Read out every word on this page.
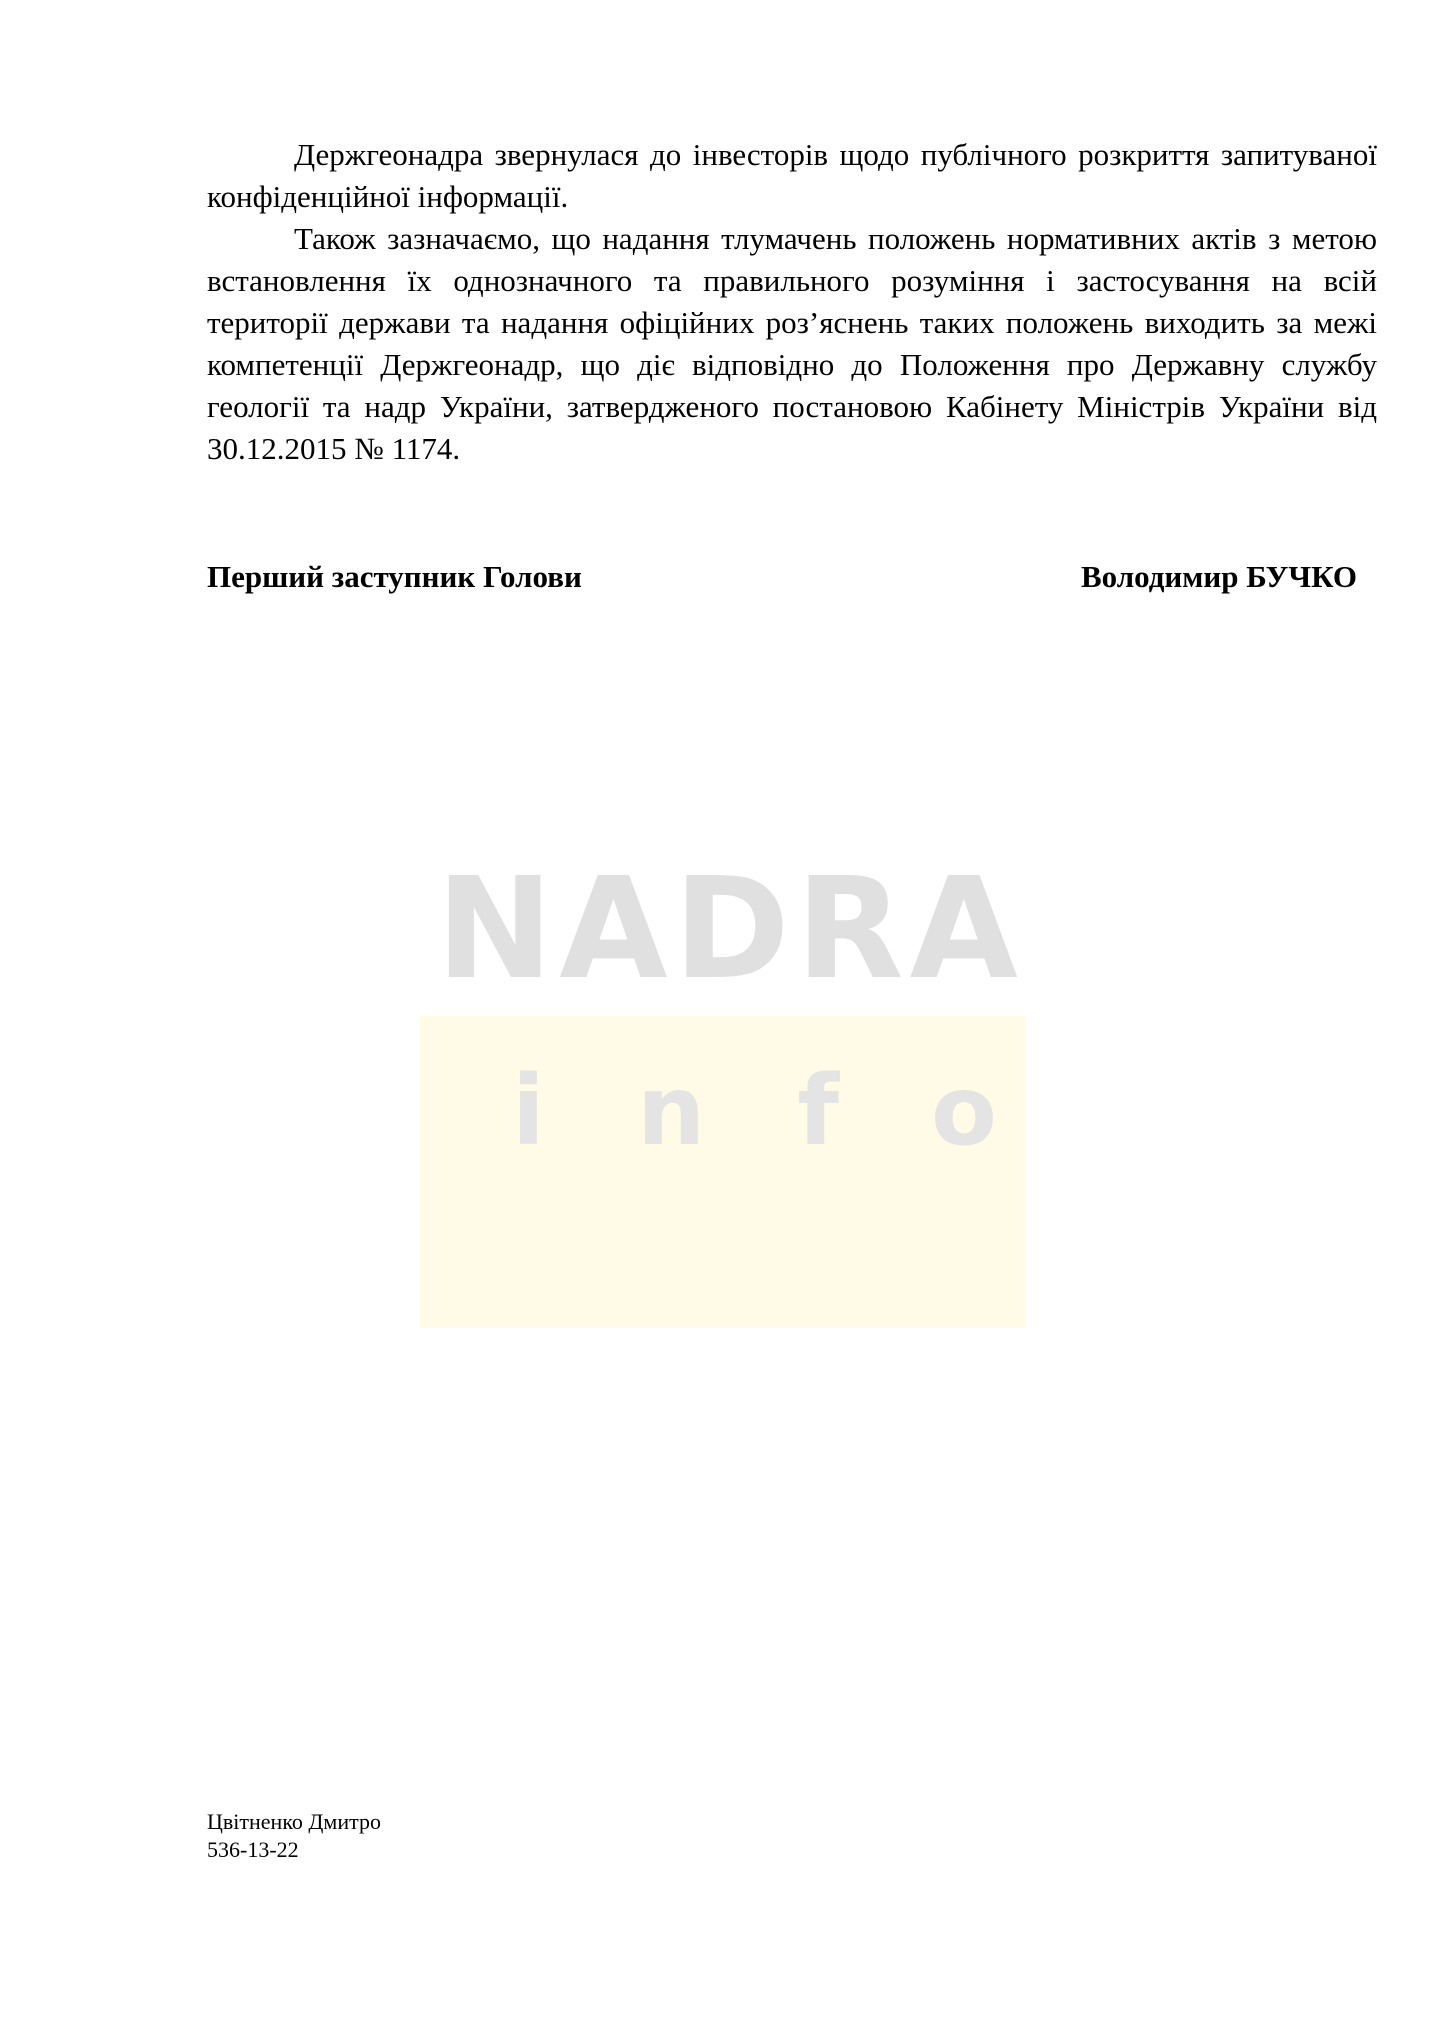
Держгеонадра звернулася до інвесторів щодо публічного розкриття запитуваної конфіденційної інформації.

Також зазначаємо, що надання тлумачень положень нормативних актів з метою встановлення їх однозначного та правильного розуміння і застосування на всій території держави та надання офіційних роз’яснень таких положень виходить за межі компетенції Держгеонадр, що діє відповідно до Положення про Державну службу геології та надр України, затвердженого постановою Кабінету Міністрів України від 30.12.2015 № 1174.

Перший заступник Голови	Володимир БУЧКО
NADRA
info
Цвітненко Дмитро
536-13-22
